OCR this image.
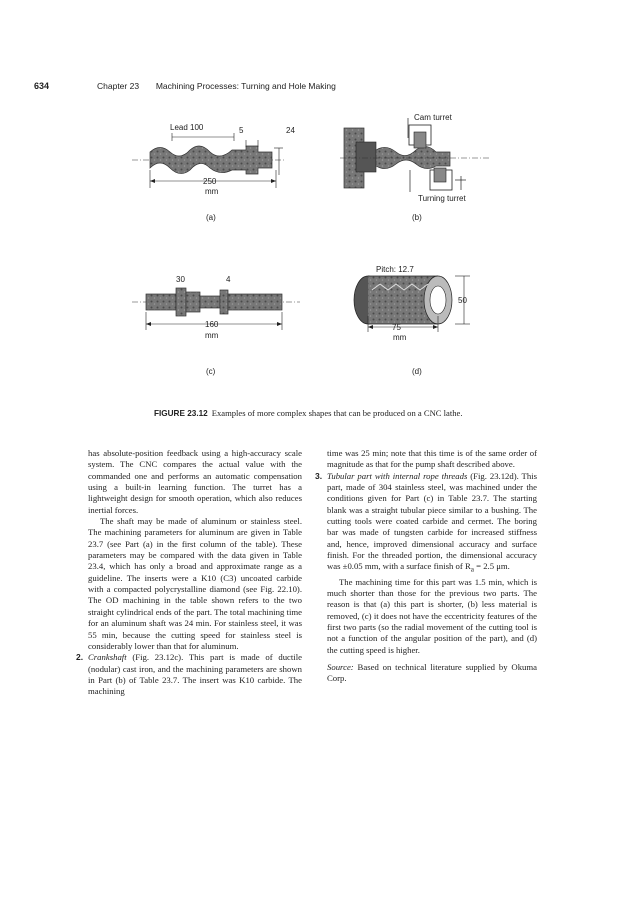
634	Chapter 23 Machining Processes: Turning and Hole Making
Lead 100	5	24
250
mm
(a)
Cam turret
Turning turret
(b)
30	4
160
mm
(c)
Pitch: 12.7
50
75
mm
(d)
FIGURE 23.12 Examples of more complex shapes that can be produced on a CNC lathe.

has absolute-position feedback using a high-accuracy scale system. The CNC compares the actual value with the commanded one and performs an automatic compensation using a built-in learning function. The turret has a lightweight design for smooth operation, which also reduces inertial forces.

The shaft may be made of aluminum or stainless steel. The machining parameters for aluminum are given in Table 23.7 (see Part (a) in the first column of the table). These parameters may be compared with the data given in Table 23.4, which has only a broad and approximate range as a guideline. The inserts were a K10 (C3) uncoated carbide with a compacted polycrystalline diamond (see Fig. 22.10). The OD machining in the table shown refers to the two straight cylindrical ends of the part. The total machining time for an aluminum shaft was 24 min. For stainless steel, it was 55 min, because the cutting speed for stainless steel is considerably lower than that for aluminum.

2. Crankshaft (Fig. 23.12c). This part is made of ductile (nodular) cast iron, and the machining parameters are shown in Part (b) of Table 23.7. The insert was K10 carbide. The machining

time was 25 min; note that this time is of the same order of magnitude as that for the pump shaft described above.

3. Tubular part with internal rope threads (Fig. 23.12d). This part, made of 304 stainless steel, was machined under the conditions given for Part (c) in Table 23.7. The starting blank was a straight tubular piece similar to a bushing. The cutting tools were coated carbide and cermet. The boring bar was made of tungsten carbide for increased stiffness and, hence, improved dimensional accuracy and surface finish. For the threaded portion, the dimensional accuracy was ±0.05 mm, with a surface finish of $R_a = 2.5$ μm.

The machining time for this part was 1.5 min, which is much shorter than those for the previous two parts. The reason is that (a) this part is shorter, (b) less material is removed, (c) it does not have the eccentricity features of the first two parts (so the radial movement of the cutting tool is not a function of the angular position of the part), and (d) the cutting speed is higher.

Source: Based on technical literature supplied by Okuma Corp.
